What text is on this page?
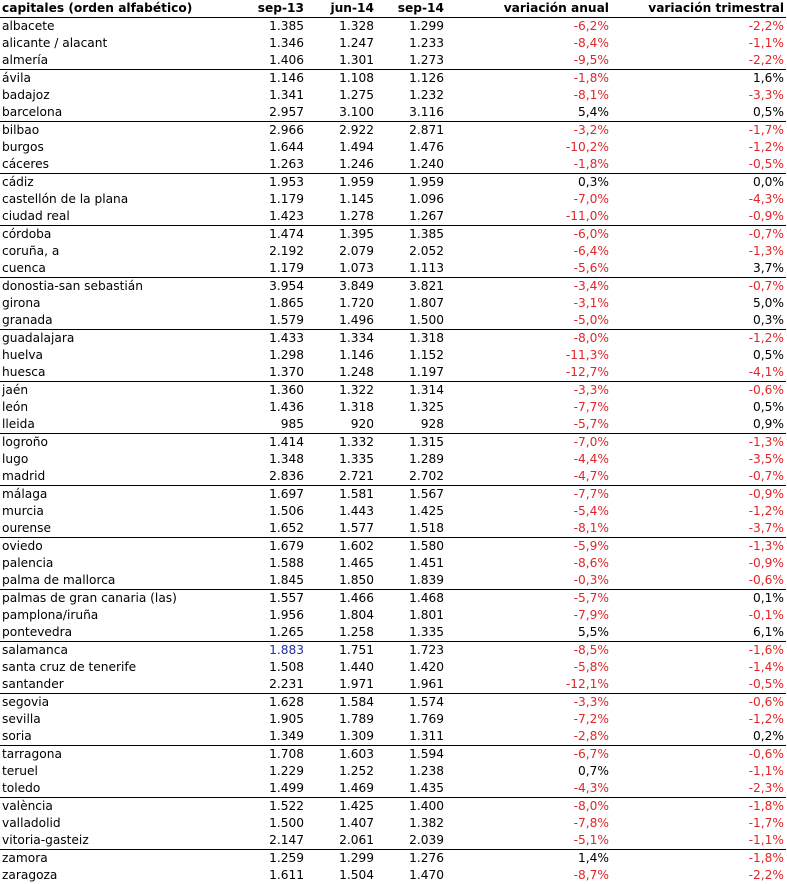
capitales (orden alfabético)	sep-13	jun-14	sep-14	variación anual	variación trimestral
albacete	1.385	1.328	1.299	-6,2%	-2,2%
alicante / alacant	1.346	1.247	1.233	-8,4%	-1,1%
almería	1.406	1.301	1.273	-9,5%	-2,2%
ávila	1.146	1.108	1.126	-1,8%	1,6%
badajoz	1.341	1.275	1.232	-8,1%	-3,3%
barcelona	2.957	3.100	3.116	5,4%	0,5%
bilbao	2.966	2.922	2.871	-3,2%	-1,7%
burgos	1.644	1.494	1.476	-10,2%	-1,2%
cáceres	1.263	1.246	1.240	-1,8%	-0,5%
cádiz	1.953	1.959	1.959	0,3%	0,0%
castellón de la plana	1.179	1.145	1.096	-7,0%	-4,3%
ciudad real	1.423	1.278	1.267	-11,0%	-0,9%
córdoba	1.474	1.395	1.385	-6,0%	-0,7%
coruña, a	2.192	2.079	2.052	-6,4%	-1,3%
cuenca	1.179	1.073	1.113	-5,6%	3,7%
donostia-san sebastián	3.954	3.849	3.821	-3,4%	-0,7%
girona	1.865	1.720	1.807	-3,1%	5,0%
granada	1.579	1.496	1.500	-5,0%	0,3%
guadalajara	1.433	1.334	1.318	-8,0%	-1,2%
huelva	1.298	1.146	1.152	-11,3%	0,5%
huesca	1.370	1.248	1.197	-12,7%	-4,1%
jaén	1.360	1.322	1.314	-3,3%	-0,6%
león	1.436	1.318	1.325	-7,7%	0,5%
lleida	985	920	928	-5,7%	0,9%
logroño	1.414	1.332	1.315	-7,0%	-1,3%
lugo	1.348	1.335	1.289	-4,4%	-3,5%
madrid	2.836	2.721	2.702	-4,7%	-0,7%
málaga	1.697	1.581	1.567	-7,7%	-0,9%
murcia	1.506	1.443	1.425	-5,4%	-1,2%
ourense	1.652	1.577	1.518	-8,1%	-3,7%
oviedo	1.679	1.602	1.580	-5,9%	-1,3%
palencia	1.588	1.465	1.451	-8,6%	-0,9%
palma de mallorca	1.845	1.850	1.839	-0,3%	-0,6%
palmas de gran canaria (las)	1.557	1.466	1.468	-5,7%	0,1%
pamplona/iruña	1.956	1.804	1.801	-7,9%	-0,1%
pontevedra	1.265	1.258	1.335	5,5%	6,1%
salamanca	1.883	1.751	1.723	-8,5%	-1,6%
santa cruz de tenerife	1.508	1.440	1.420	-5,8%	-1,4%
santander	2.231	1.971	1.961	-12,1%	-0,5%
segovia	1.628	1.584	1.574	-3,3%	-0,6%
sevilla	1.905	1.789	1.769	-7,2%	-1,2%
soria	1.349	1.309	1.311	-2,8%	0,2%
tarragona	1.708	1.603	1.594	-6,7%	-0,6%
teruel	1.229	1.252	1.238	0,7%	-1,1%
toledo	1.499	1.469	1.435	-4,3%	-2,3%
valència	1.522	1.425	1.400	-8,0%	-1,8%
valladolid	1.500	1.407	1.382	-7,8%	-1,7%
vitoria-gasteiz	2.147	2.061	2.039	-5,1%	-1,1%
zamora	1.259	1.299	1.276	1,4%	-1,8%
zaragoza	1.611	1.504	1.470	-8,7%	-2,2%
